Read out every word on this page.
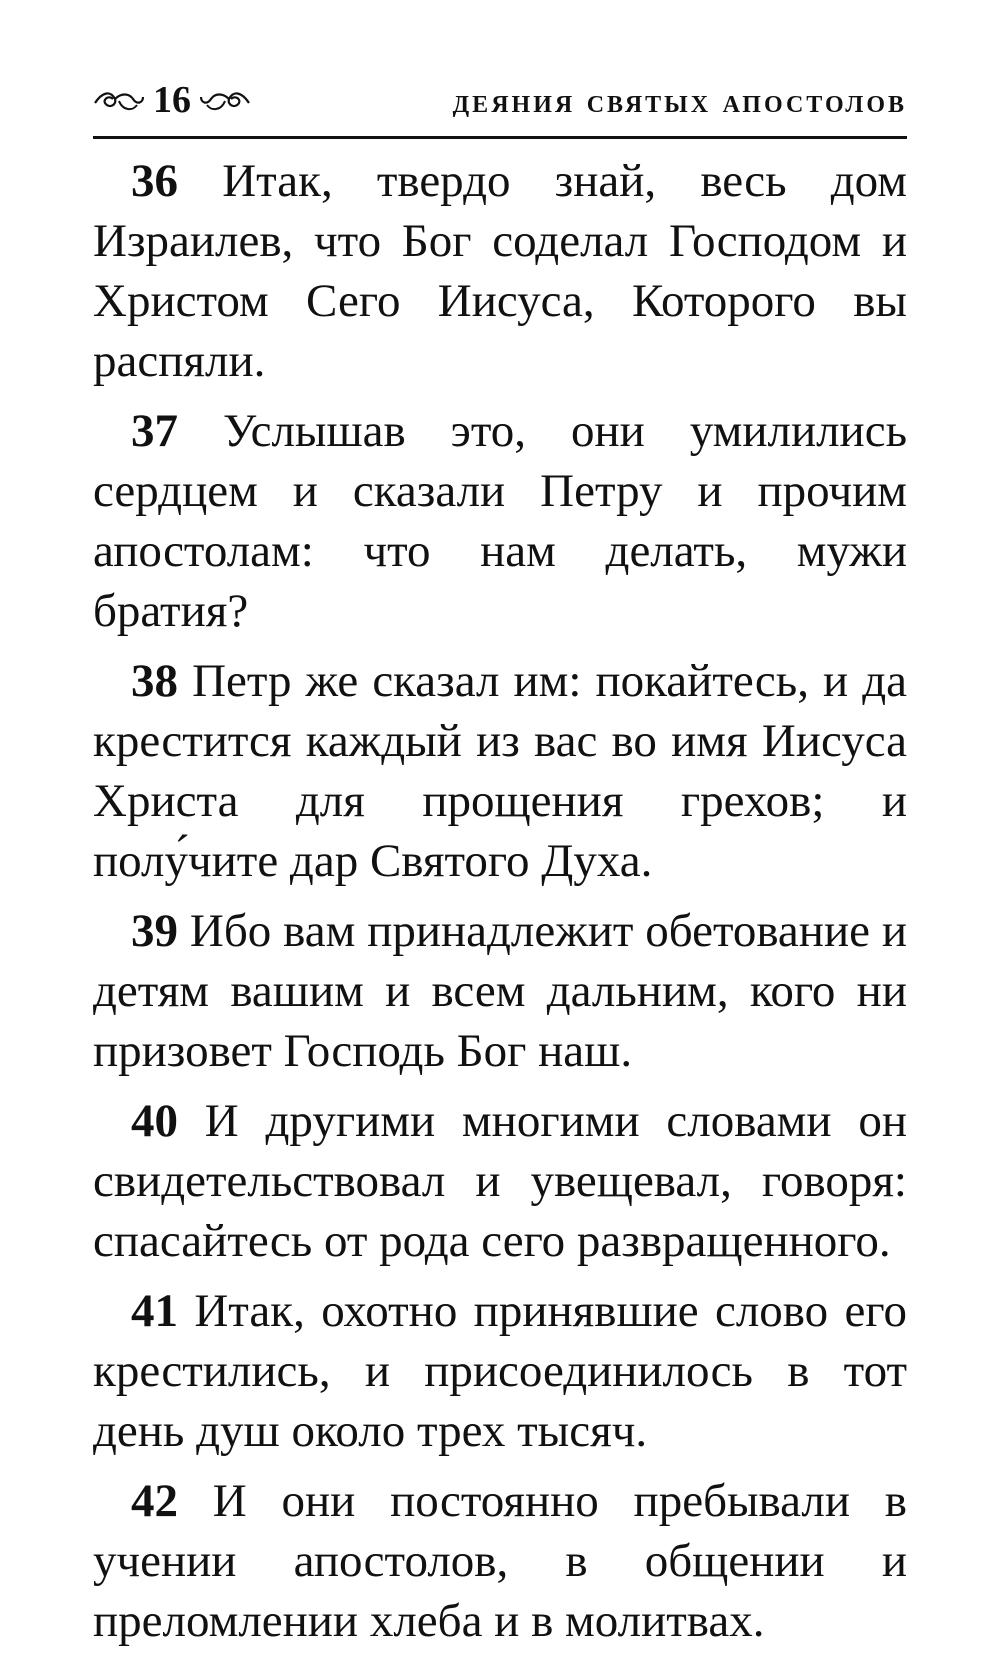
16	деяния святых апостолов

36 Итак, твердо знай, весь дом Израилев, что Бог соделал Господом и Христом Сего Иисуса, Которого вы распяли.

37 Услышав это, они умилились сердцем и сказали Петру и прочим апостолам: что нам делать, мужи братия?

38 Петр же сказал им: покайтесь, и да крестится каждый из вас во имя Иисуса Христа для прощения грехов; и полу́чите дар Святого Духа.

39 Ибо вам принадлежит обетование и детям вашим и всем дальним, кого ни призовет Господь Бог наш.

40 И другими многими словами он свидетельствовал и увещевал, говоря: спасайтесь от рода сего развращенного.

41 Итак, охотно принявшие слово его крестились, и присоединилось в тот день душ около трех тысяч.

42 И они постоянно пребывали в учении апостолов, в общении и преломлении хлеба и в молитвах.
